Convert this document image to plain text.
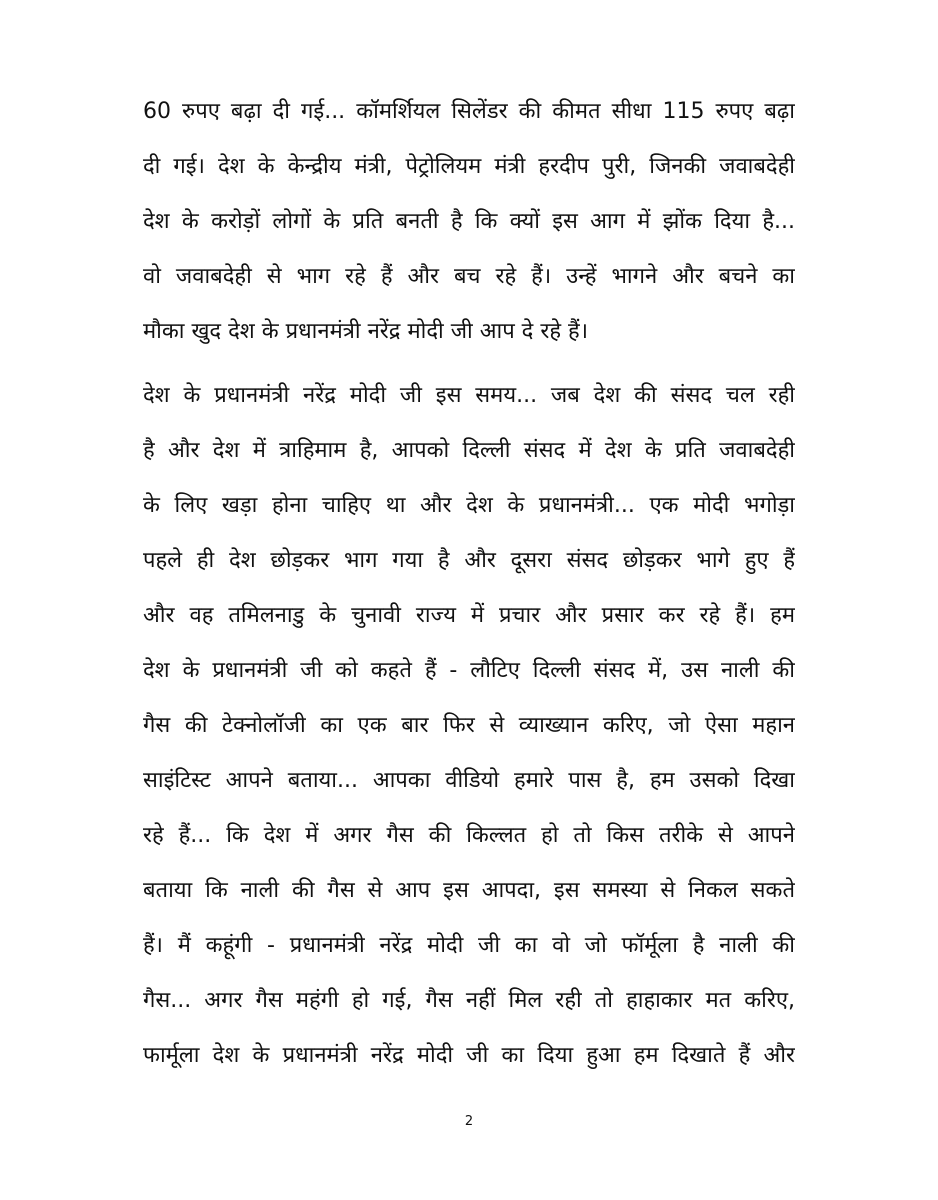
60 रुपए बढ़ा दी गई... कॉमर्शियल सिलेंडर की कीमत सीधा 115 रुपए बढ़ा
दी गई। देश के केन्द्रीय मंत्री, पेट्रोलियम मंत्री हरदीप पुरी, जिनकी जवाबदेही
देश के करोड़ों लोगों के प्रति बनती है कि क्यों इस आग में झोंक दिया है...
वो जवाबदेही से भाग रहे हैं और बच रहे हैं। उन्हें भागने और बचने का
मौका खुद देश के प्रधानमंत्री नरेंद्र मोदी जी आप दे रहे हैं।
देश के प्रधानमंत्री नरेंद्र मोदी जी इस समय... जब देश की संसद चल रही
है और देश में त्राहिमाम है, आपको दिल्ली संसद में देश के प्रति जवाबदेही
के लिए खड़ा होना चाहिए था और देश के प्रधानमंत्री... एक मोदी भगोड़ा
पहले ही देश छोड़कर भाग गया है और दूसरा संसद छोड़कर भागे हुए हैं
और वह तमिलनाडु के चुनावी राज्य में प्रचार और प्रसार कर रहे हैं। हम
देश के प्रधानमंत्री जी को कहते हैं - लौटिए दिल्ली संसद में, उस नाली की
गैस की टेक्नोलॉजी का एक बार फिर से व्याख्यान करिए, जो ऐसा महान
साइंटिस्ट आपने बताया... आपका वीडियो हमारे पास है, हम उसको दिखा
रहे हैं... कि देश में अगर गैस की किल्लत हो तो किस तरीके से आपने
बताया कि नाली की गैस से आप इस आपदा, इस समस्या से निकल सकते
हैं। मैं कहूंगी - प्रधानमंत्री नरेंद्र मोदी जी का वो जो फॉर्मूला है नाली की
गैस... अगर गैस महंगी हो गई, गैस नहीं मिल रही तो हाहाकार मत करिए,
फार्मूला देश के प्रधानमंत्री नरेंद्र मोदी जी का दिया हुआ हम दिखाते हैं और
2
